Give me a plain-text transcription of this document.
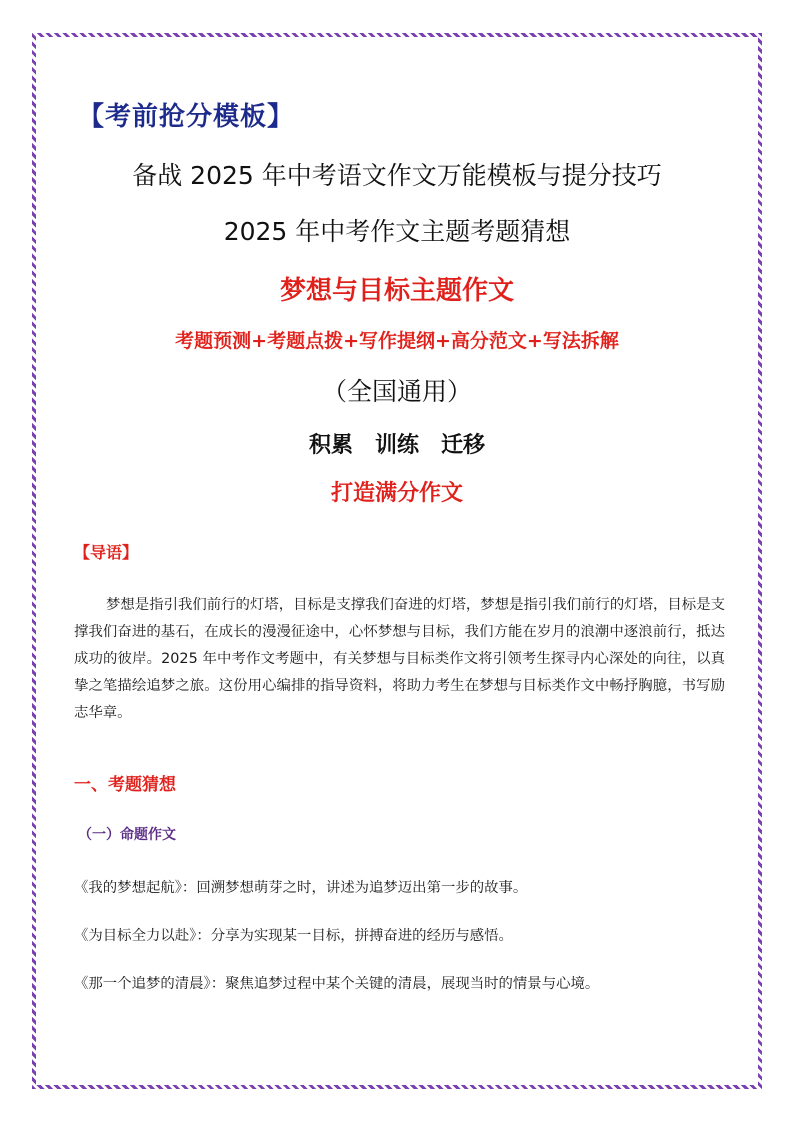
【考前抢分模板】
备战 2025 年中考语文作文万能模板与提分技巧
2025 年中考作文主题考题猜想
梦想与目标主题作文
考题预测+考题点拨+写作提纲+高分范文+写法拆解
（全国通用）
积累　训练　迁移
打造满分作文
【导语】
梦想是指引我们前行的灯塔，目标是支撑我们奋进的灯塔，梦想是指引我们前行的灯塔，目标是支撑我们奋进的基石，在成长的漫漫征途中，心怀梦想与目标，我们方能在岁月的浪潮中逐浪前行，抵达成功的彼岸。2025 年中考作文考题中，有关梦想与目标类作文将引领考生探寻内心深处的向往，以真挚之笔描绘追梦之旅。这份用心编排的指导资料，将助力考生在梦想与目标类作文中畅抒胸臆，书写励志华章。
一、考题猜想
（一）命题作文
《我的梦想起航》：回溯梦想萌芽之时，讲述为追梦迈出第一步的故事。
《为目标全力以赴》：分享为实现某一目标，拼搏奋进的经历与感悟。
《那一个追梦的清晨》：聚焦追梦过程中某个关键的清晨，展现当时的情景与心境。
